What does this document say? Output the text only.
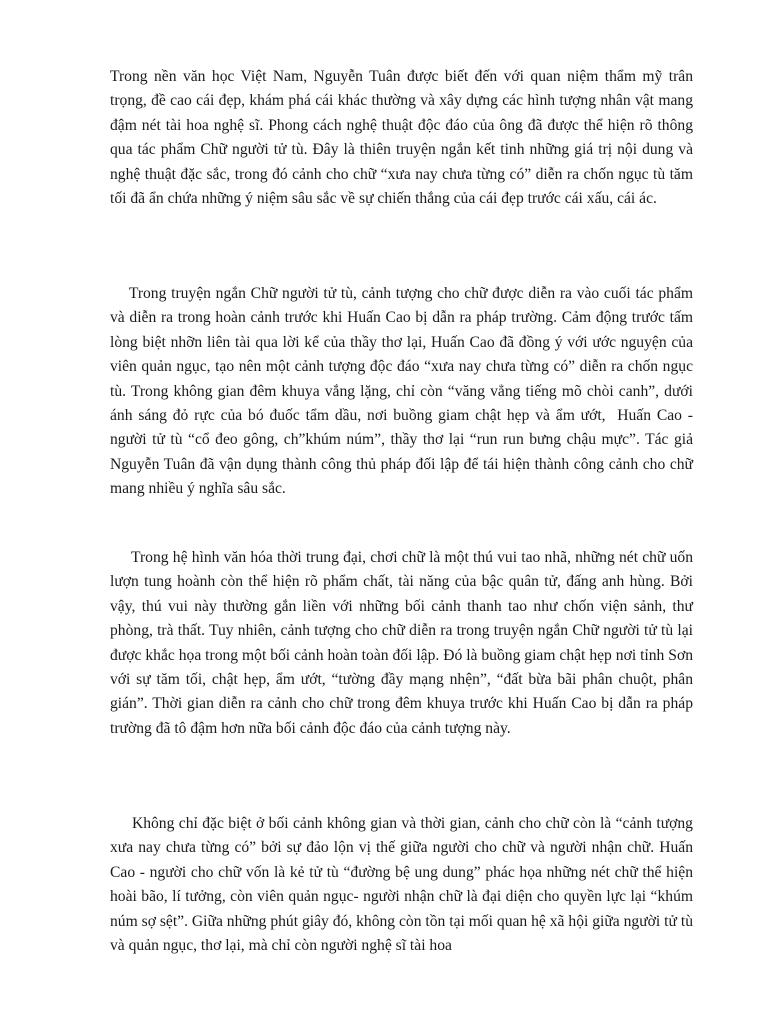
Trong nền văn học Việt Nam, Nguyễn Tuân được biết đến với quan niệm thẩm mỹ trân trọng, đề cao cái đẹp, khám phá cái khác thường và xây dựng các hình tượng nhân vật mang đậm nét tài hoa nghệ sĩ. Phong cách nghệ thuật độc đáo của ông đã được thể hiện rõ thông qua tác phẩm Chữ người tử tù. Đây là thiên truyện ngắn kết tinh những giá trị nội dung và nghệ thuật đặc sắc, trong đó cảnh cho chữ “xưa nay chưa từng có” diễn ra chốn ngục tù tăm tối đã ẩn chứa những ý niệm sâu sắc về sự chiến thắng của cái đẹp trước cái xấu, cái ác.

Trong truyện ngắn Chữ người tử tù, cảnh tượng cho chữ được diễn ra vào cuối tác phẩm và diễn ra trong hoàn cảnh trước khi Huấn Cao bị dẫn ra pháp trường. Cảm động trước tấm lòng biệt nhỡn liên tài qua lời kể của thầy thơ lại, Huấn Cao đã đồng ý với ước nguyện của viên quản ngục, tạo nên một cảnh tượng độc đáo “xưa nay chưa từng có” diễn ra chốn ngục tù. Trong không gian đêm khuya vắng lặng, chỉ còn “văng vẳng tiếng mõ chòi canh”, dưới ánh sáng đỏ rực của bó đuốc tẩm dầu, nơi buồng giam chật hẹp và ẩm ướt,  Huấn Cao - người tử tù “cổ đeo gông, ch”khúm núm”, thầy thơ lại “run run bưng chậu mực”. Tác giả Nguyễn Tuân đã vận dụng thành công thủ pháp đối lập để tái hiện thành công cảnh cho chữ mang nhiều ý nghĩa sâu sắc.

Trong hệ hình văn hóa thời trung đại, chơi chữ là một thú vui tao nhã, những nét chữ uốn lượn tung hoành còn thể hiện rõ phẩm chất, tài năng của bậc quân tử, đấng anh hùng. Bởi vậy, thú vui này thường gắn liền với những bối cảnh thanh tao như chốn viện sảnh, thư phòng, trà thất. Tuy nhiên, cảnh tượng cho chữ diễn ra trong truyện ngắn Chữ người tử tù lại được khắc họa trong một bối cảnh hoàn toàn đối lập. Đó là buồng giam chật hẹp nơi tỉnh Sơn với sự tăm tối, chật hẹp, ẩm ướt, “tường đầy mạng nhện”, “đất bừa bãi phân chuột, phân gián”. Thời gian diễn ra cảnh cho chữ trong đêm khuya trước khi Huấn Cao bị dẫn ra pháp trường đã tô đậm hơn nữa bối cảnh độc đáo của cảnh tượng này.

Không chỉ đặc biệt ở bối cảnh không gian và thời gian, cảnh cho chữ còn là “cảnh tượng xưa nay chưa từng có” bởi sự đảo lộn vị thế giữa người cho chữ và người nhận chữ. Huấn Cao - người cho chữ vốn là kẻ tử tù “đường bệ ung dung” phác họa những nét chữ thể hiện hoài bão, lí tưởng, còn viên quản ngục- người nhận chữ là đại diện cho quyền lực lại “khúm núm sợ sệt”. Giữa những phút giây đó, không còn tồn tại mối quan hệ xã hội giữa người tử tù và quản ngục, thơ lại, mà chỉ còn người nghệ sĩ tài hoa
